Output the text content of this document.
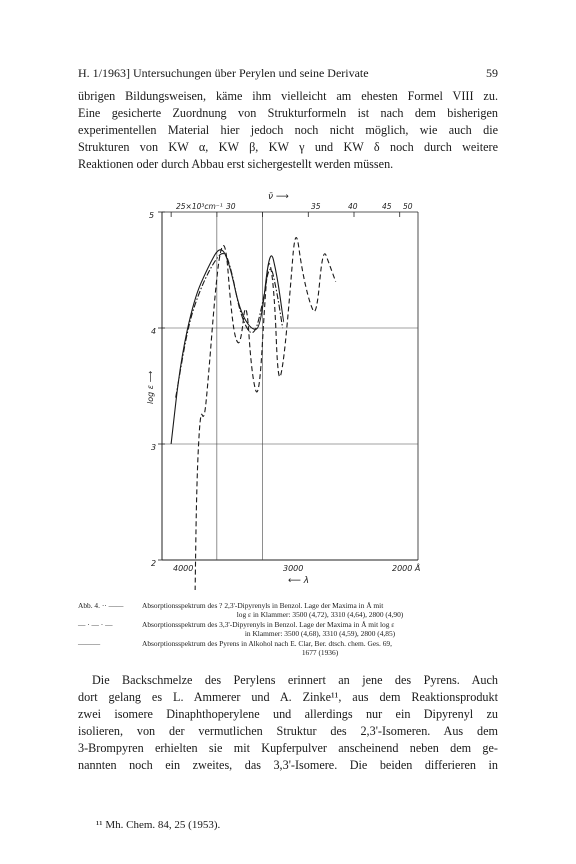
H. 1/1963] Untersuchungen über Perylen und seine Derivate	59
übrigen Bildungsweisen, käme ihm vielleicht am ehesten Formel VIII zu.
Eine gesicherte Zuordnung von Strukturformeln ist nach dem bisherigen
experimentellen Material hier jedoch noch nicht möglich, wie auch die
Strukturen von KW α, KW β, KW γ und KW δ noch durch weitere
Reaktionen oder durch Abbau erst sichergestellt werden müssen.
ν̄ ⟶
25×10³cm⁻¹ 30	35	40	45 50
5
4
3
2
log ε ⟶
4000	3000	2000 Å
⟵ λ
Abb. 4. ·· ——	Absorptionsspektrum des ? 2,3'-Dipyrenyls in Benzol. Lage der Maxima in Å mit
log ε in Klammer: 3500 (4,72), 3310 (4,64), 2800 (4,90)
— · — · —	Absorptionsspektrum des 3,3'-Dipyrenyls in Benzol. Lage der Maxima in Å mit log ε
in Klammer: 3500 (4,68), 3310 (4,59), 2800 (4,85)
———	Absorptionsspektrum des Pyrens in Alkohol nach E. Clar, Ber. dtsch. chem. Ges. 69,
1677 (1936)
Die Backschmelze des Perylens erinnert an jene des Pyrens. Auch
dort gelang es L. Ammerer und A. Zinke¹¹, aus dem Reaktionsprodukt
zwei isomere Dinaphthoperylene und allerdings nur ein Dipyrenyl zu
isolieren, von der vermutlichen Struktur des 2,3'-Isomeren. Aus dem
3-Brompyren erhielten sie mit Kupferpulver anscheinend neben dem ge-
nannten noch ein zweites, das 3,3'-Isomere. Die beiden differieren in
¹¹ Mh. Chem. 84, 25 (1953).
